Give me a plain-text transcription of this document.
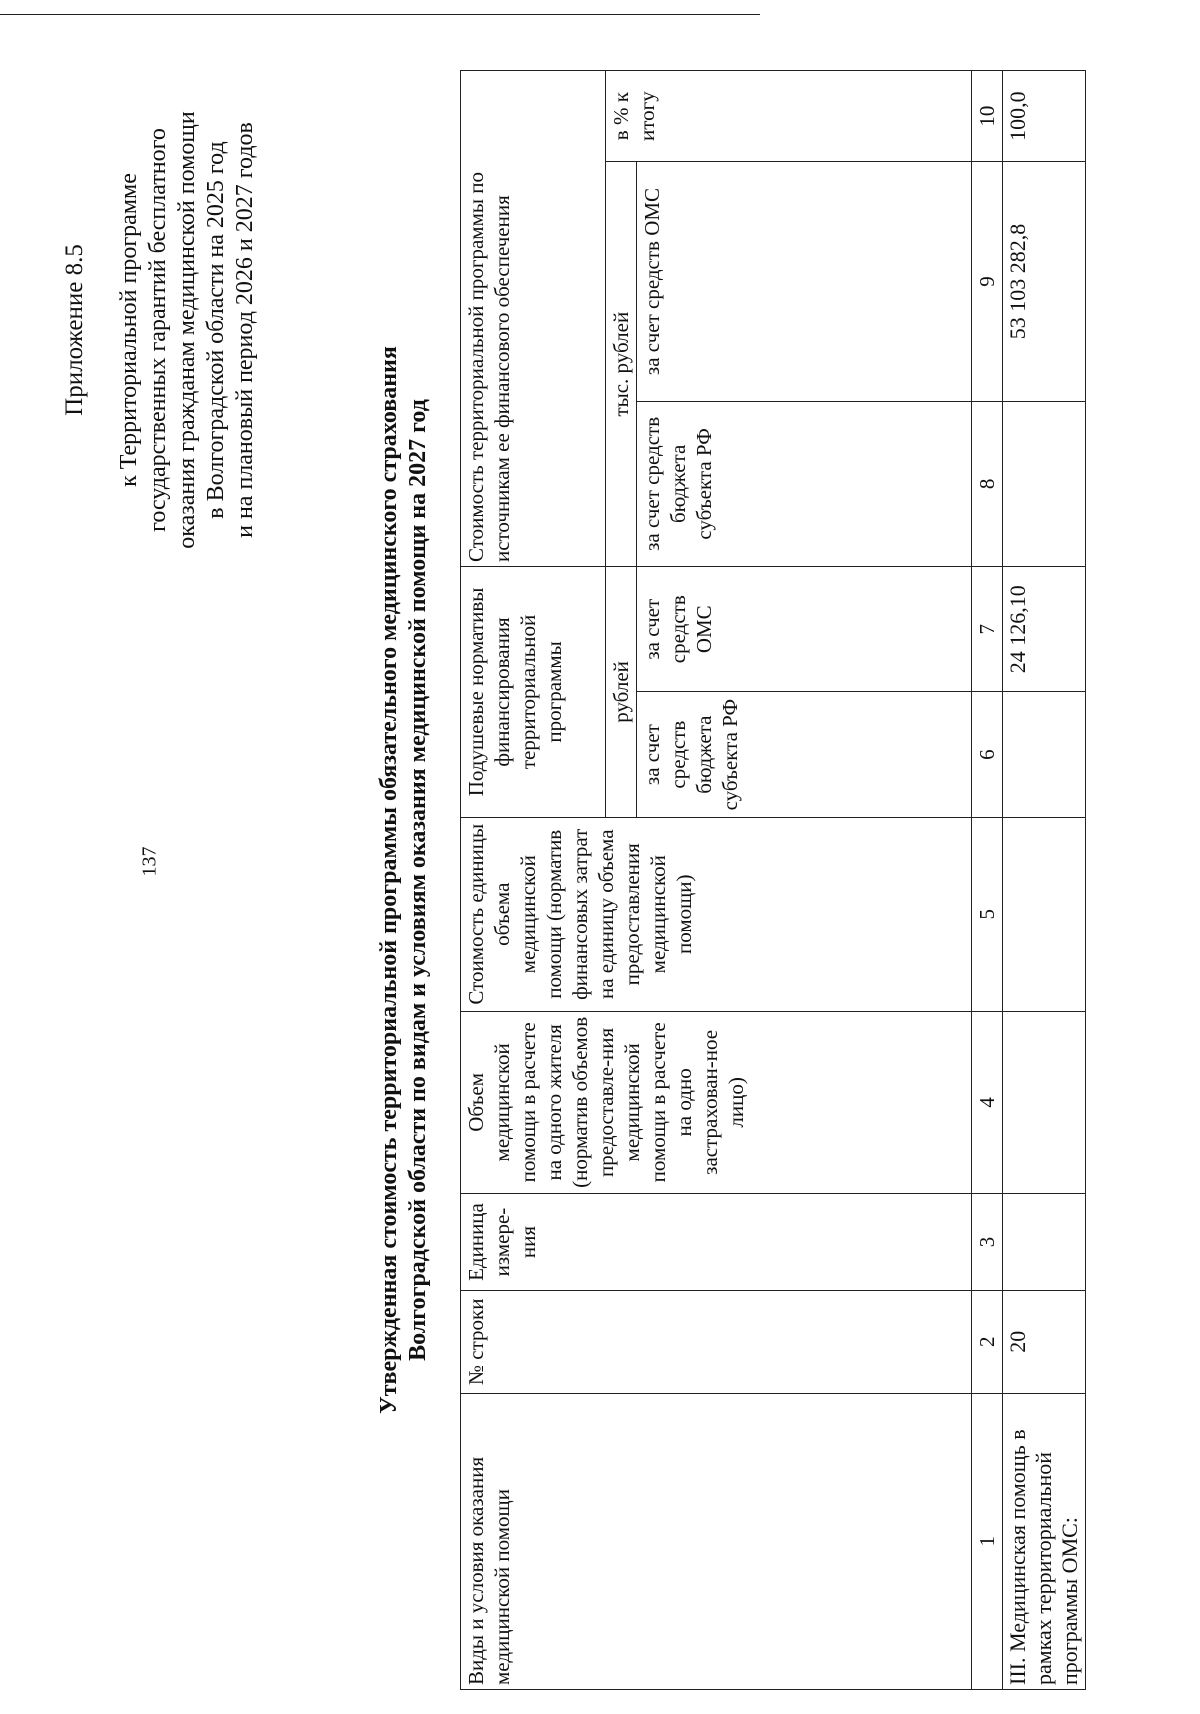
137
Приложение 8.5 к Территориальной программе государственных гарантий бесплатного оказания гражданам медицинской помощи в Волгоградской области на 2025 год и на плановый период 2026 и 2027 годов
Утвержденная стоимость территориальной программы обязательного медицинского страхования Волгоградской области по видам и условиям оказания медицинской помощи на 2027 год
Виды и условия оказания медицинской помощи	№ строки	Единица измере-ния	Объем медицинской помощи в расчете на одного жителя (норматив объемов предоставле-ния медицинской помощи в расчете на одно застрахован-ное лицо)	Стоимость единицы объема медицинской помощи (норматив финансовых затрат на единицу объема предоставления медицинской помощи)	Подушевые нормативы финансирования территориальной программы		Стоимость территориальной программы по источникам ее финансового обеспечения		
					рублей		тыс. рублей		в % к итогу
					за счет средств бюджета субъекта РФ	за счет средств ОМС	за счет средств бюджета субъекта РФ	за счет средств ОМС	
1	2	3	4	5	6	7	8	9	10
III. Медицинская помощь в рамках территориальной программы ОМС:	20					24 126,10		53 103 282,8	100,0
